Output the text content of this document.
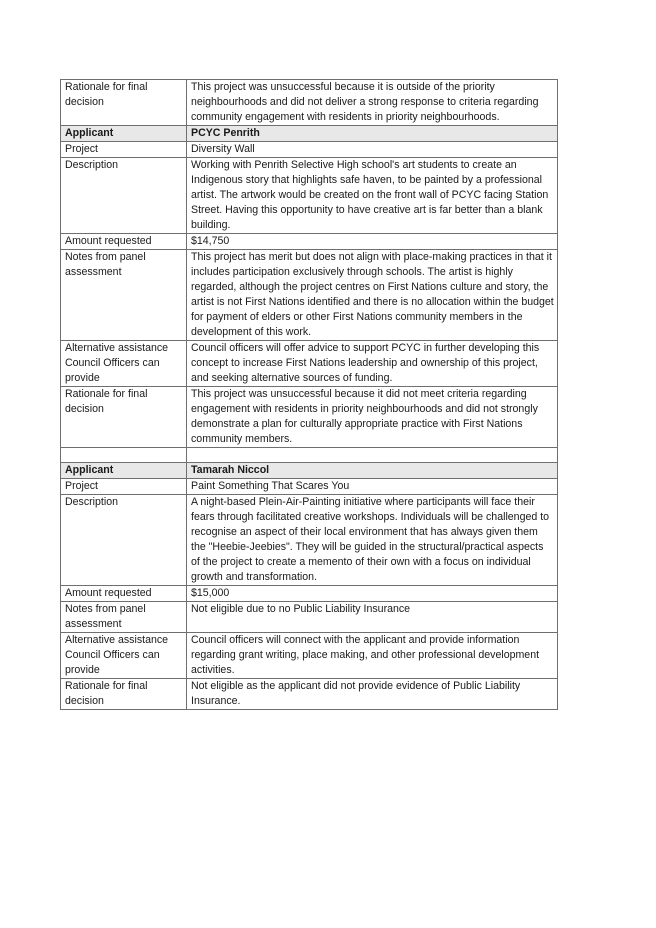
Rationale for final decision	This project was unsuccessful because it is outside of the priority neighbourhoods and did not deliver a strong response to criteria regarding community engagement with residents in priority neighbourhoods.
Applicant	PCYC Penrith
Project	Diversity Wall
Description	Working with Penrith Selective High school's art students to create an Indigenous story that highlights safe haven, to be painted by a professional artist. The artwork would be created on the front wall of PCYC facing Station Street. Having this opportunity to have creative art is far better than a blank building.
Amount requested	$14,750
Notes from panel assessment	This project has merit but does not align with place-making practices in that it includes participation exclusively through schools. The artist is highly regarded, although the project centres on First Nations culture and story, the artist is not First Nations identified and there is no allocation within the budget for payment of elders or other First Nations community members in the development of this work.
Alternative assistance Council Officers can provide	Council officers will offer advice to support PCYC in further developing this concept to increase First Nations leadership and ownership of this project, and seeking alternative sources of funding.
Rationale for final decision	This project was unsuccessful because it did not meet criteria regarding engagement with residents in priority neighbourhoods and did not strongly demonstrate a plan for culturally appropriate practice with First Nations community members.

Applicant	Tamarah Niccol
Project	Paint Something That Scares You
Description	A night-based Plein-Air-Painting initiative where participants will face their fears through facilitated creative workshops. Individuals will be challenged to recognise an aspect of their local environment that has always given them the "Heebie-Jeebies". They will be guided in the structural/practical aspects of the project to create a memento of their own with a focus on individual growth and transformation.
Amount requested	$15,000
Notes from panel assessment	Not eligible due to no Public Liability Insurance
Alternative assistance Council Officers can provide	Council officers will connect with the applicant and provide information regarding grant writing, place making, and other professional development activities.
Rationale for final decision	Not eligible as the applicant did not provide evidence of Public Liability Insurance.
